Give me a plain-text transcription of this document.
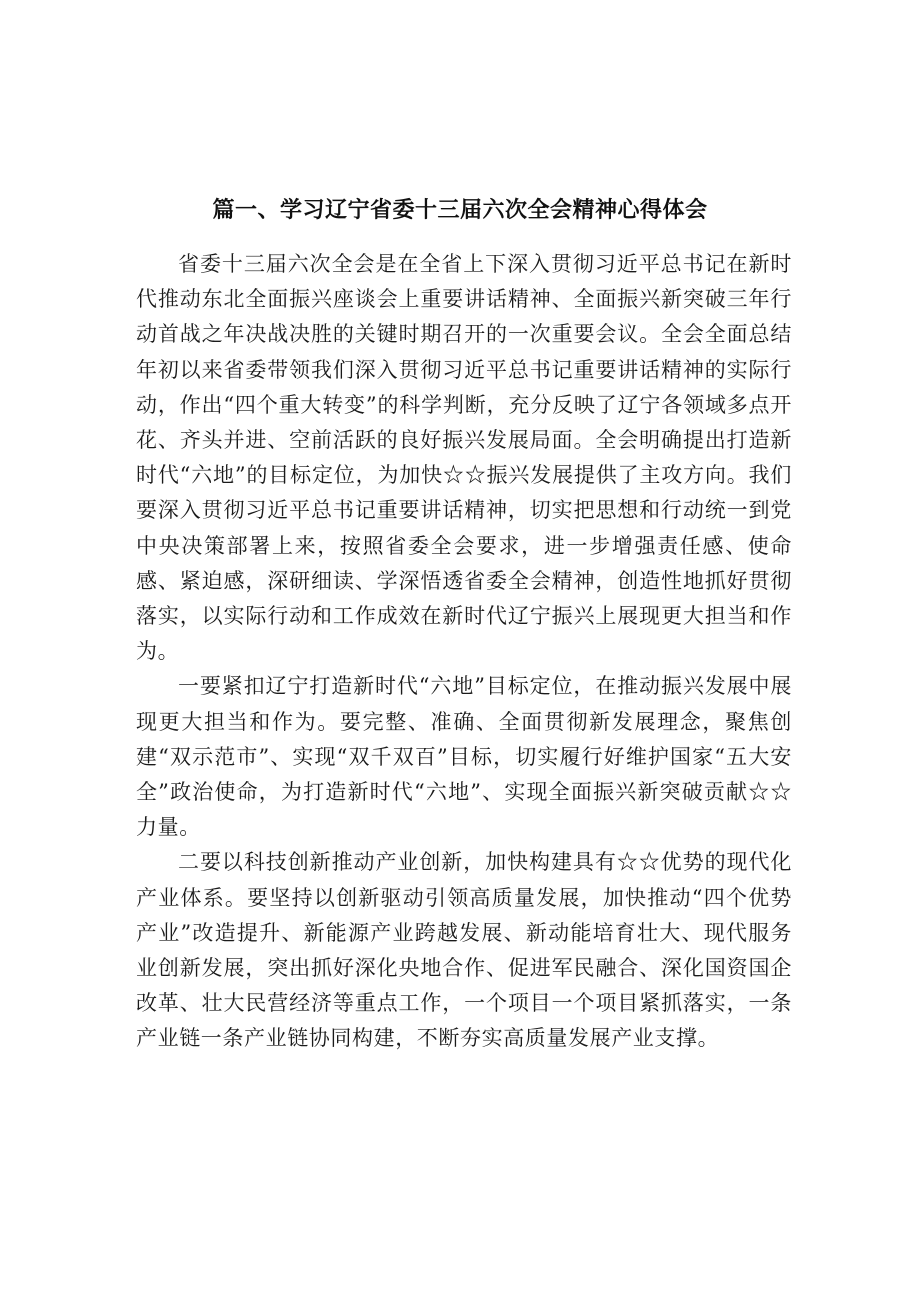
篇一、学习辽宁省委十三届六次全会精神心得体会

省委十三届六次全会是在全省上下深入贯彻习近平总书记在新时代推动东北全面振兴座谈会上重要讲话精神、全面振兴新突破三年行动首战之年决战决胜的关键时期召开的一次重要会议。全会全面总结年初以来省委带领我们深入贯彻习近平总书记重要讲话精神的实际行动，作出“四个重大转变”的科学判断，充分反映了辽宁各领域多点开花、齐头并进、空前活跃的良好振兴发展局面。全会明确提出打造新时代“六地”的目标定位，为加快☆☆振兴发展提供了主攻方向。我们要深入贯彻习近平总书记重要讲话精神，切实把思想和行动统一到党中央决策部署上来，按照省委全会要求，进一步增强责任感、使命感、紧迫感，深研细读、学深悟透省委全会精神，创造性地抓好贯彻落实，以实际行动和工作成效在新时代辽宁振兴上展现更大担当和作为。

一要紧扣辽宁打造新时代“六地”目标定位，在推动振兴发展中展现更大担当和作为。要完整、准确、全面贯彻新发展理念，聚焦创建“双示范市”、实现“双千双百”目标，切实履行好维护国家“五大安全”政治使命，为打造新时代“六地”、实现全面振兴新突破贡献☆☆力量。

二要以科技创新推动产业创新，加快构建具有☆☆优势的现代化产业体系。要坚持以创新驱动引领高质量发展，加快推动“四个优势产业”改造提升、新能源产业跨越发展、新动能培育壮大、现代服务业创新发展，突出抓好深化央地合作、促进军民融合、深化国资国企改革、壮大民营经济等重点工作，一个项目一个项目紧抓落实，一条产业链一条产业链协同构建，不断夯实高质量发展产业支撑。
